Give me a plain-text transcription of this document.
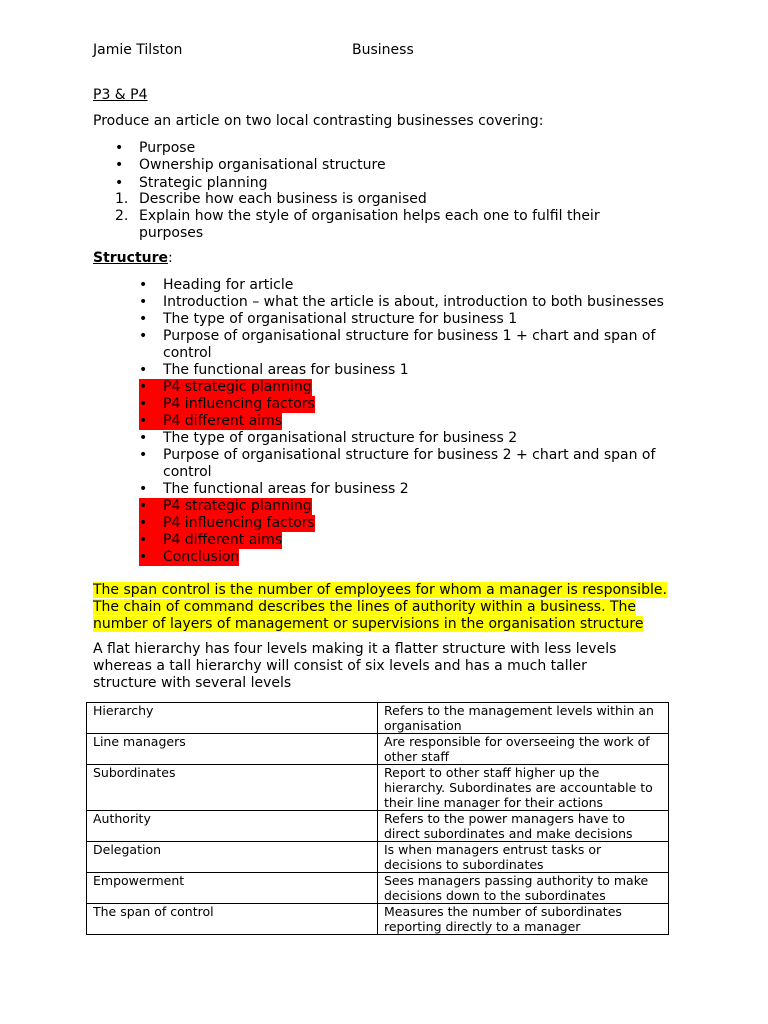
Jamie Tilston	Business
P3 & P4

Produce an article on two local contrasting businesses covering:

• Purpose
• Ownership organisational structure
• Strategic planning
1. Describe how each business is organised
2. Explain how the style of organisation helps each one to fulfil their purposes
Structure:
• Heading for article
• Introduction – what the article is about, introduction to both businesses
• The type of organisational structure for business 1
• Purpose of organisational structure for business 1 + chart and span of control
• The functional areas for business 1
• P4 strategic planning
• P4 influencing factors
• P4 different aims
• The type of organisational structure for business 2
• Purpose of organisational structure for business 2 + chart and span of control
• The functional areas for business 2
• P4 strategic planning
• P4 influencing factors
• P4 different aims
• Conclusion

The span control is the number of employees for whom a manager is responsible. The chain of command describes the lines of authority within a business. The number of layers of management or supervisions in the organisation structure

A flat hierarchy has four levels making it a flatter structure with less levels whereas a tall hierarchy will consist of six levels and has a much taller structure with several levels

Hierarchy	Refers to the management levels within an organisation
Line managers	Are responsible for overseeing the work of other staff
Subordinates	Report to other staff higher up the hierarchy. Subordinates are accountable to their line manager for their actions
Authority	Refers to the power managers have to direct subordinates and make decisions
Delegation	Is when managers entrust tasks or decisions to subordinates
Empowerment	Sees managers passing authority to make decisions down to the subordinates
The span of control	Measures the number of subordinates reporting directly to a manager
